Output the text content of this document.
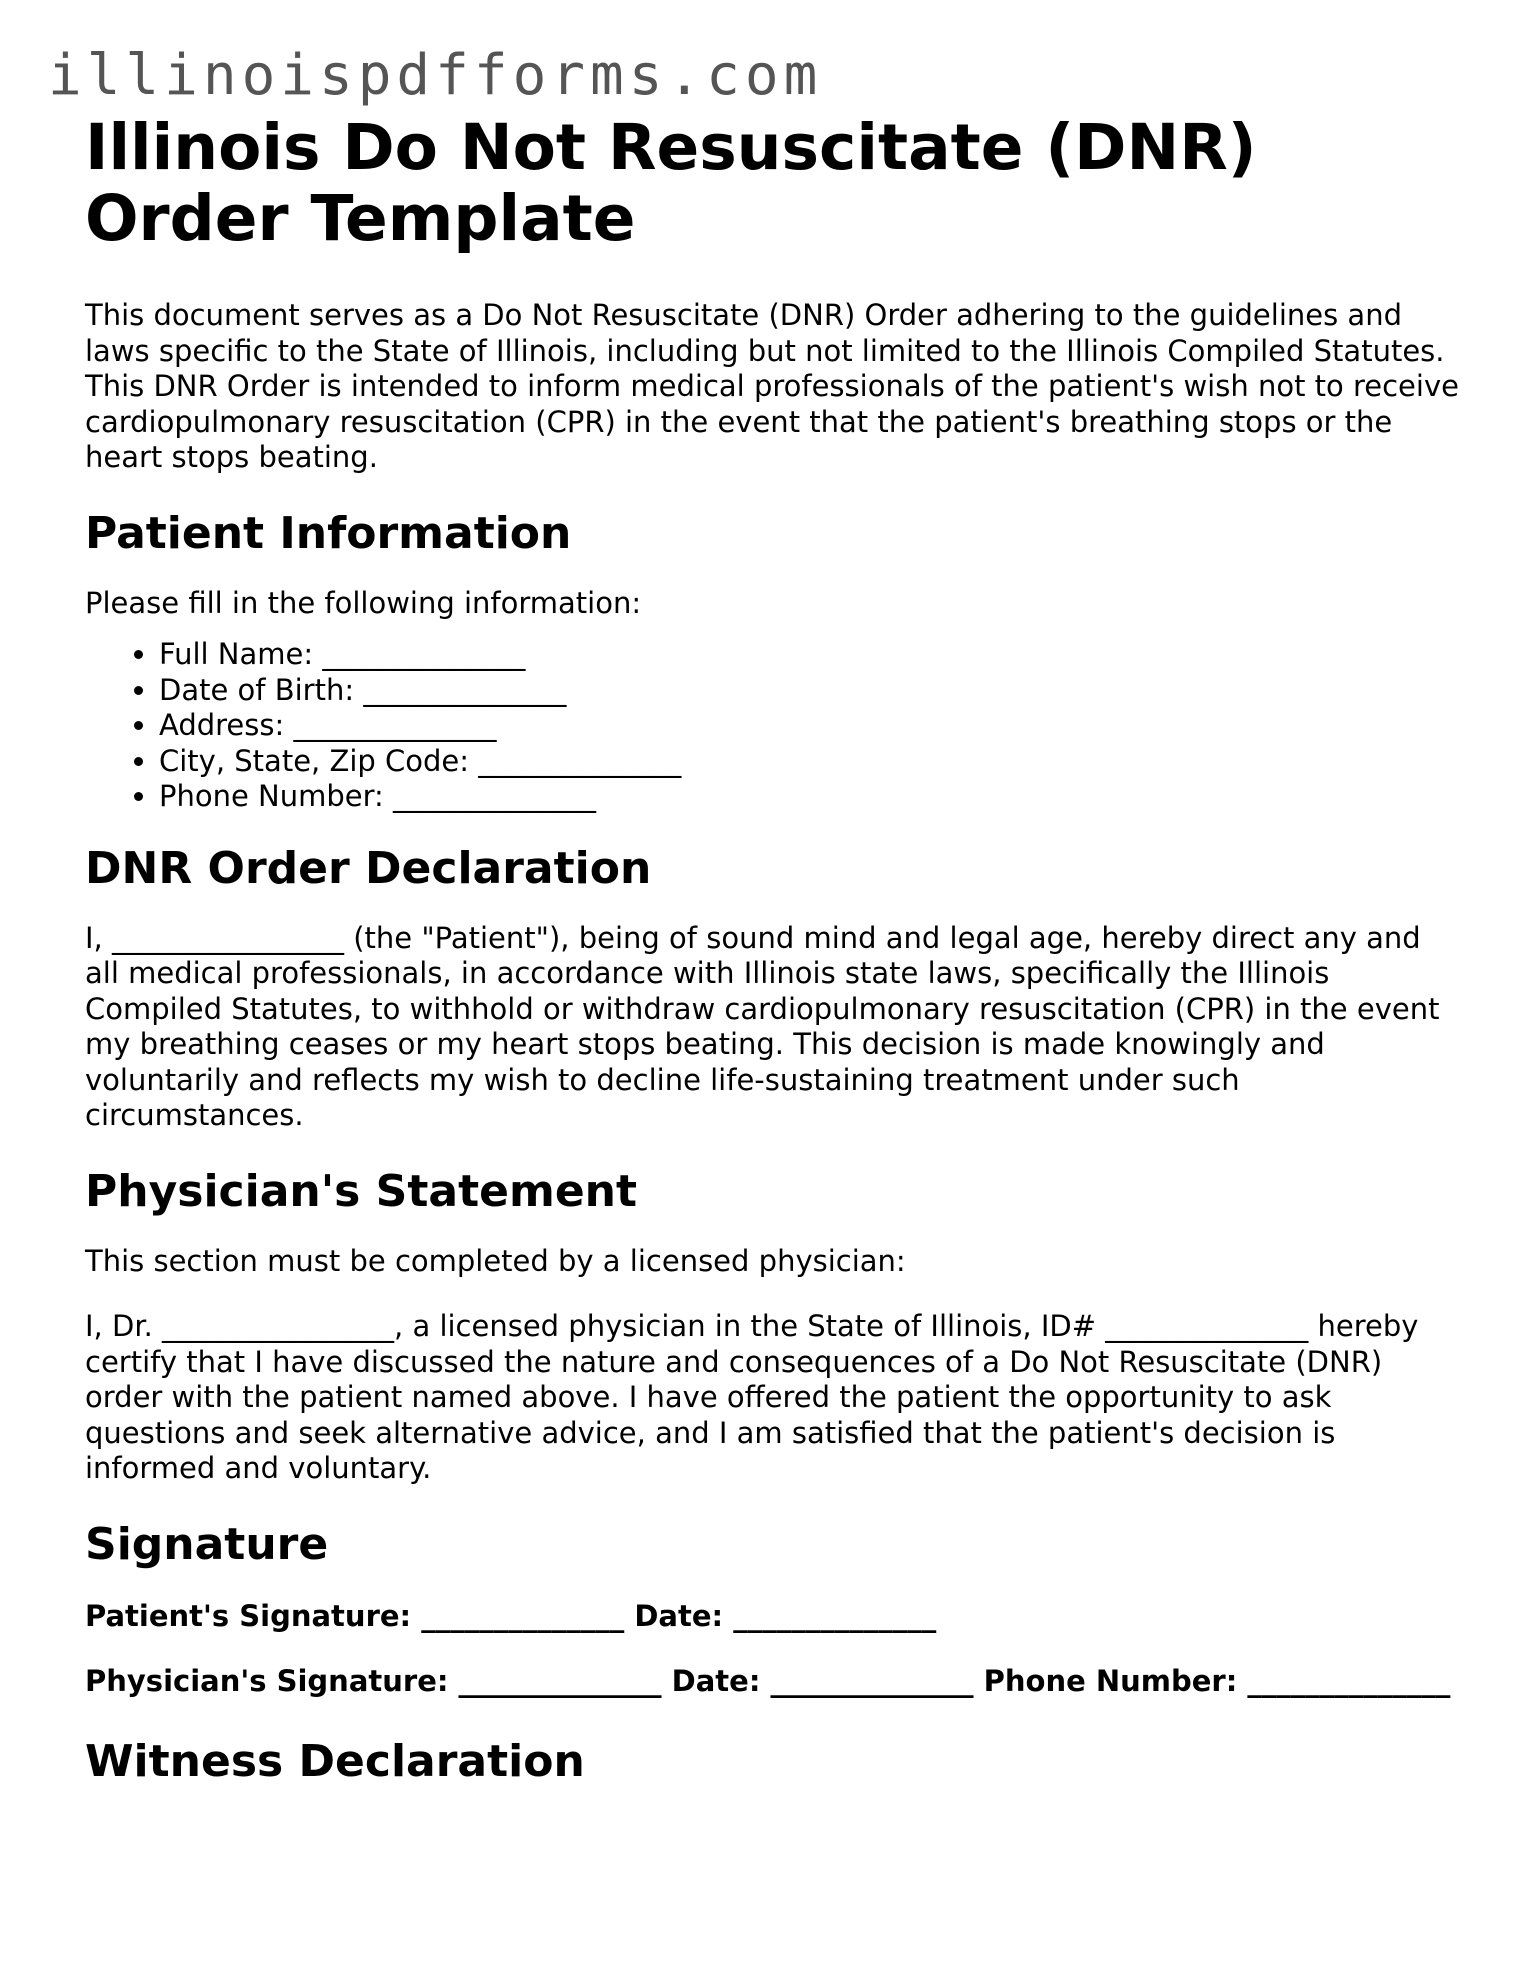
illinoispdfforms.com
Illinois Do Not Resuscitate (DNR) Order Template

This document serves as a Do Not Resuscitate (DNR) Order adhering to the guidelines and laws specific to the State of Illinois, including but not limited to the Illinois Compiled Statutes. This DNR Order is intended to inform medical professionals of the patient's wish not to receive cardiopulmonary resuscitation (CPR) in the event that the patient's breathing stops or the heart stops beating.

Patient Information

Please fill in the following information:

• Full Name: ______________
• Date of Birth: ______________
• Address: ______________
• City, State, Zip Code: ______________
• Phone Number: ______________
DNR Order Declaration

I, ________________ (the "Patient"), being of sound mind and legal age, hereby direct any and all medical professionals, in accordance with Illinois state laws, specifically the Illinois Compiled Statutes, to withhold or withdraw cardiopulmonary resuscitation (CPR) in the event my breathing ceases or my heart stops beating. This decision is made knowingly and voluntarily and reflects my wish to decline life-sustaining treatment under such circumstances.

Physician's Statement

This section must be completed by a licensed physician:

I, Dr. ________________, a licensed physician in the State of Illinois, ID# ______________ hereby certify that I have discussed the nature and consequences of a Do Not Resuscitate (DNR) order with the patient named above. I have offered the patient the opportunity to ask questions and seek alternative advice, and I am satisfied that the patient's decision is informed and voluntary.

Signature
Patient's Signature: ______________ Date: ______________
Physician's Signature: ______________ Date: ______________ Phone Number: ______________
Witness Declaration
